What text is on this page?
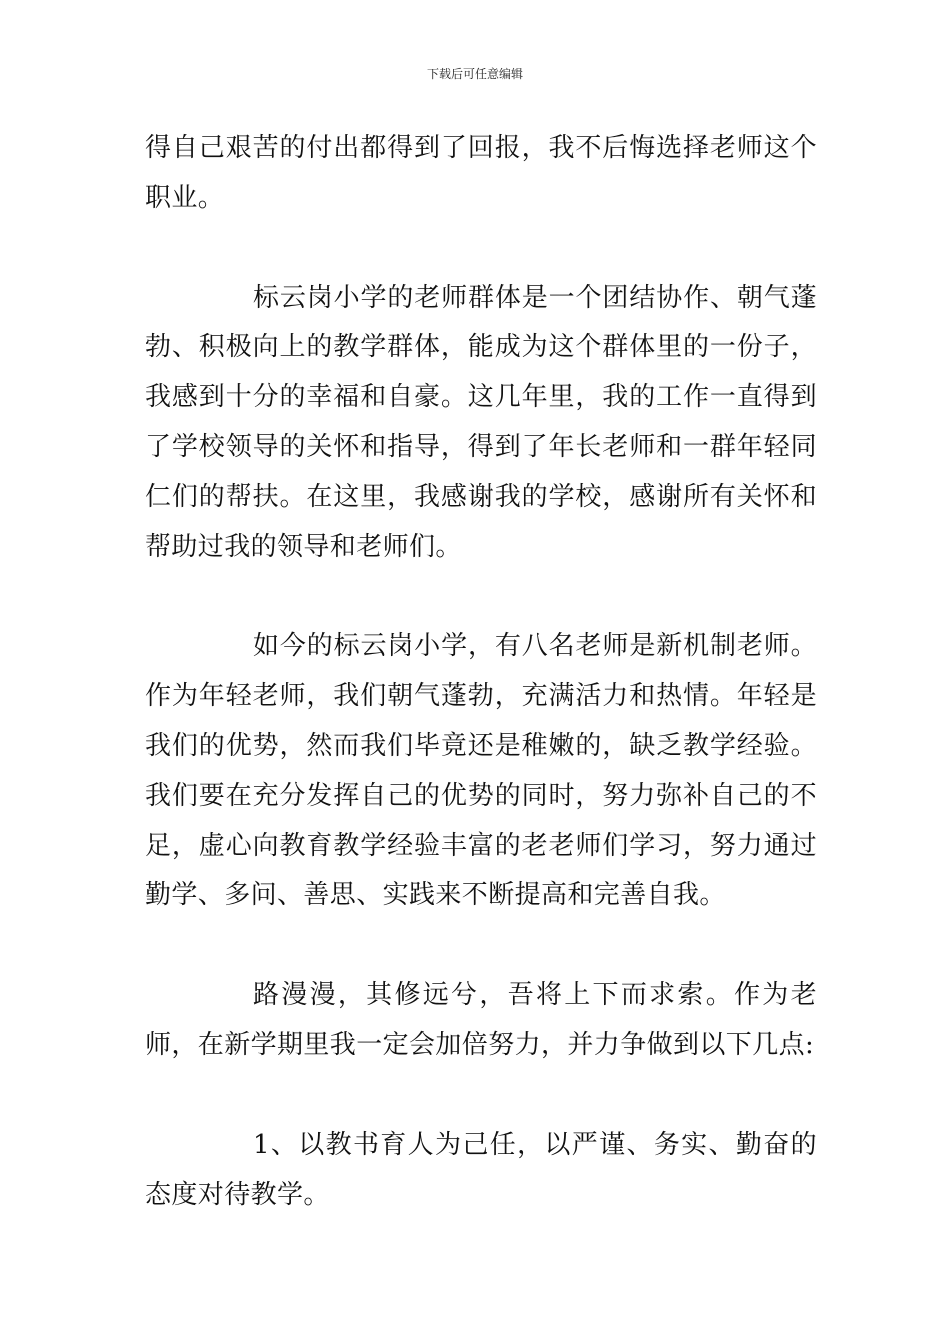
下载后可任意编辑

得自己艰苦的付出都得到了回报，我不后悔选择老师这个职业。

标云岗小学的老师群体是一个团结协作、朝气蓬勃、积极向上的教学群体，能成为这个群体里的一份子，我感到十分的幸福和自豪。这几年里，我的工作一直得到了学校领导的关怀和指导，得到了年长老师和一群年轻同仁们的帮扶。在这里，我感谢我的学校，感谢所有关怀和帮助过我的领导和老师们。

如今的标云岗小学，有八名老师是新机制老师。作为年轻老师，我们朝气蓬勃，充满活力和热情。年轻是我们的优势，然而我们毕竟还是稚嫩的，缺乏教学经验。我们要在充分发挥自己的优势的同时，努力弥补自己的不足，虚心向教育教学经验丰富的老老师们学习，努力通过勤学、多问、善思、实践来不断提高和完善自我。

路漫漫，其修远兮，吾将上下而求索。作为老师，在新学期里我一定会加倍努力，并力争做到以下几点:

1、以教书育人为己任，以严谨、务实、勤奋的态度对待教学。
